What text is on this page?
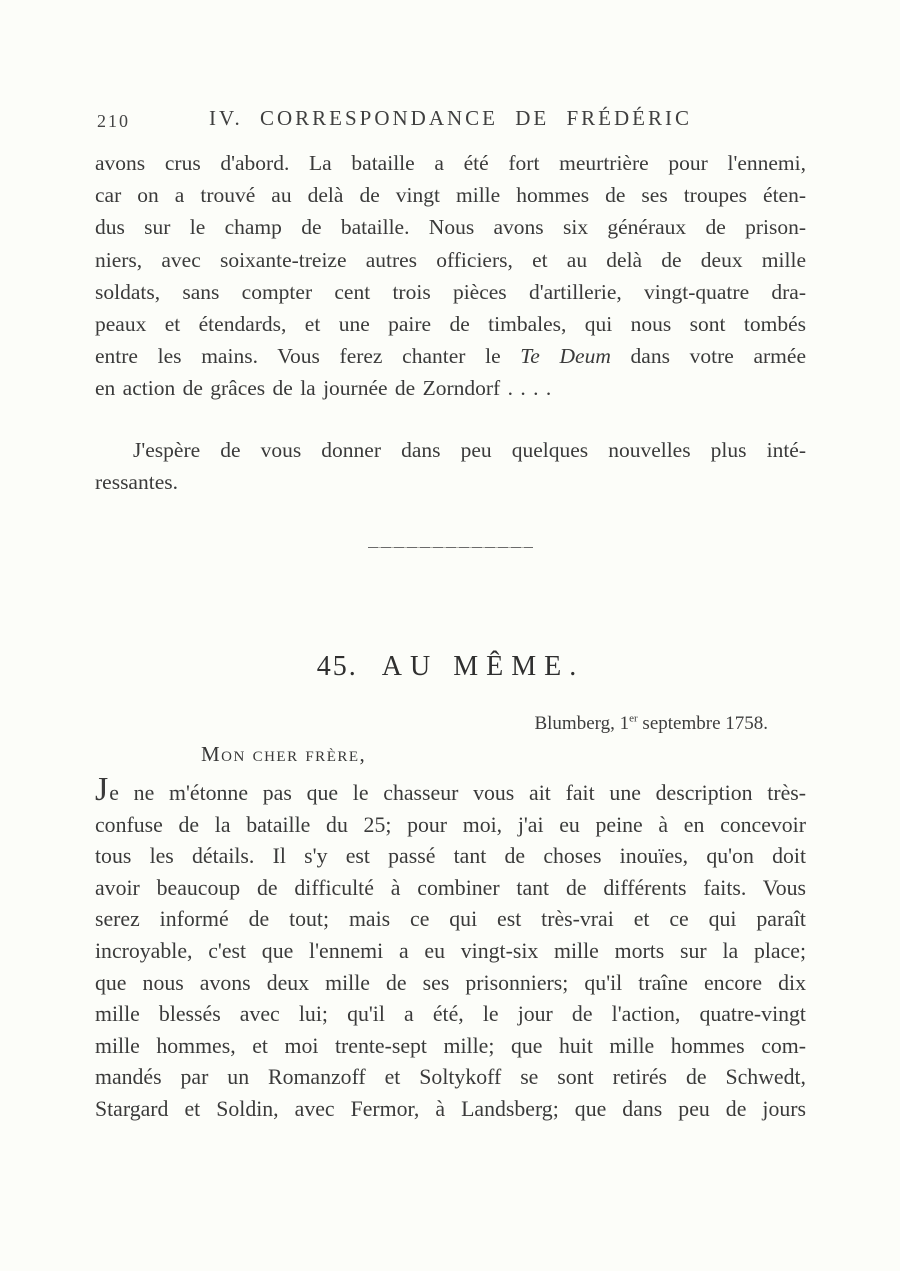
210	IV. CORRESPONDANCE DE FRÉDÉRIC
avons crus d'abord. La bataille a été fort meurtrière pour l'ennemi,
car on a trouvé au delà de vingt mille hommes de ses troupes éten-
dus sur le champ de bataille. Nous avons six généraux de prison-
niers, avec soixante-treize autres officiers, et au delà de deux mille
soldats, sans compter cent trois pièces d'artillerie, vingt-quatre dra-
peaux et étendards, et une paire de timbales, qui nous sont tombés
entre les mains. Vous ferez chanter le Te Deum dans votre armée
en action de grâces de la journée de Zorndorf . . . .
J'espère de vous donner dans peu quelques nouvelles plus inté-
ressantes.
45. AU MÊME.
Blumberg, 1er septembre 1758.
Mon cher frère,
Je ne m'étonne pas que le chasseur vous ait fait une description très-
confuse de la bataille du 25; pour moi, j'ai eu peine à en concevoir
tous les détails. Il s'y est passé tant de choses inouïes, qu'on doit
avoir beaucoup de difficulté à combiner tant de différents faits. Vous
serez informé de tout; mais ce qui est très-vrai et ce qui paraît
incroyable, c'est que l'ennemi a eu vingt-six mille morts sur la place;
que nous avons deux mille de ses prisonniers; qu'il traîne encore dix
mille blessés avec lui; qu'il a été, le jour de l'action, quatre-vingt
mille hommes, et moi trente-sept mille; que huit mille hommes com-
mandés par un Romanzoff et Soltykoff se sont retirés de Schwedt,
Stargard et Soldin, avec Fermor, à Landsberg; que dans peu de jours
